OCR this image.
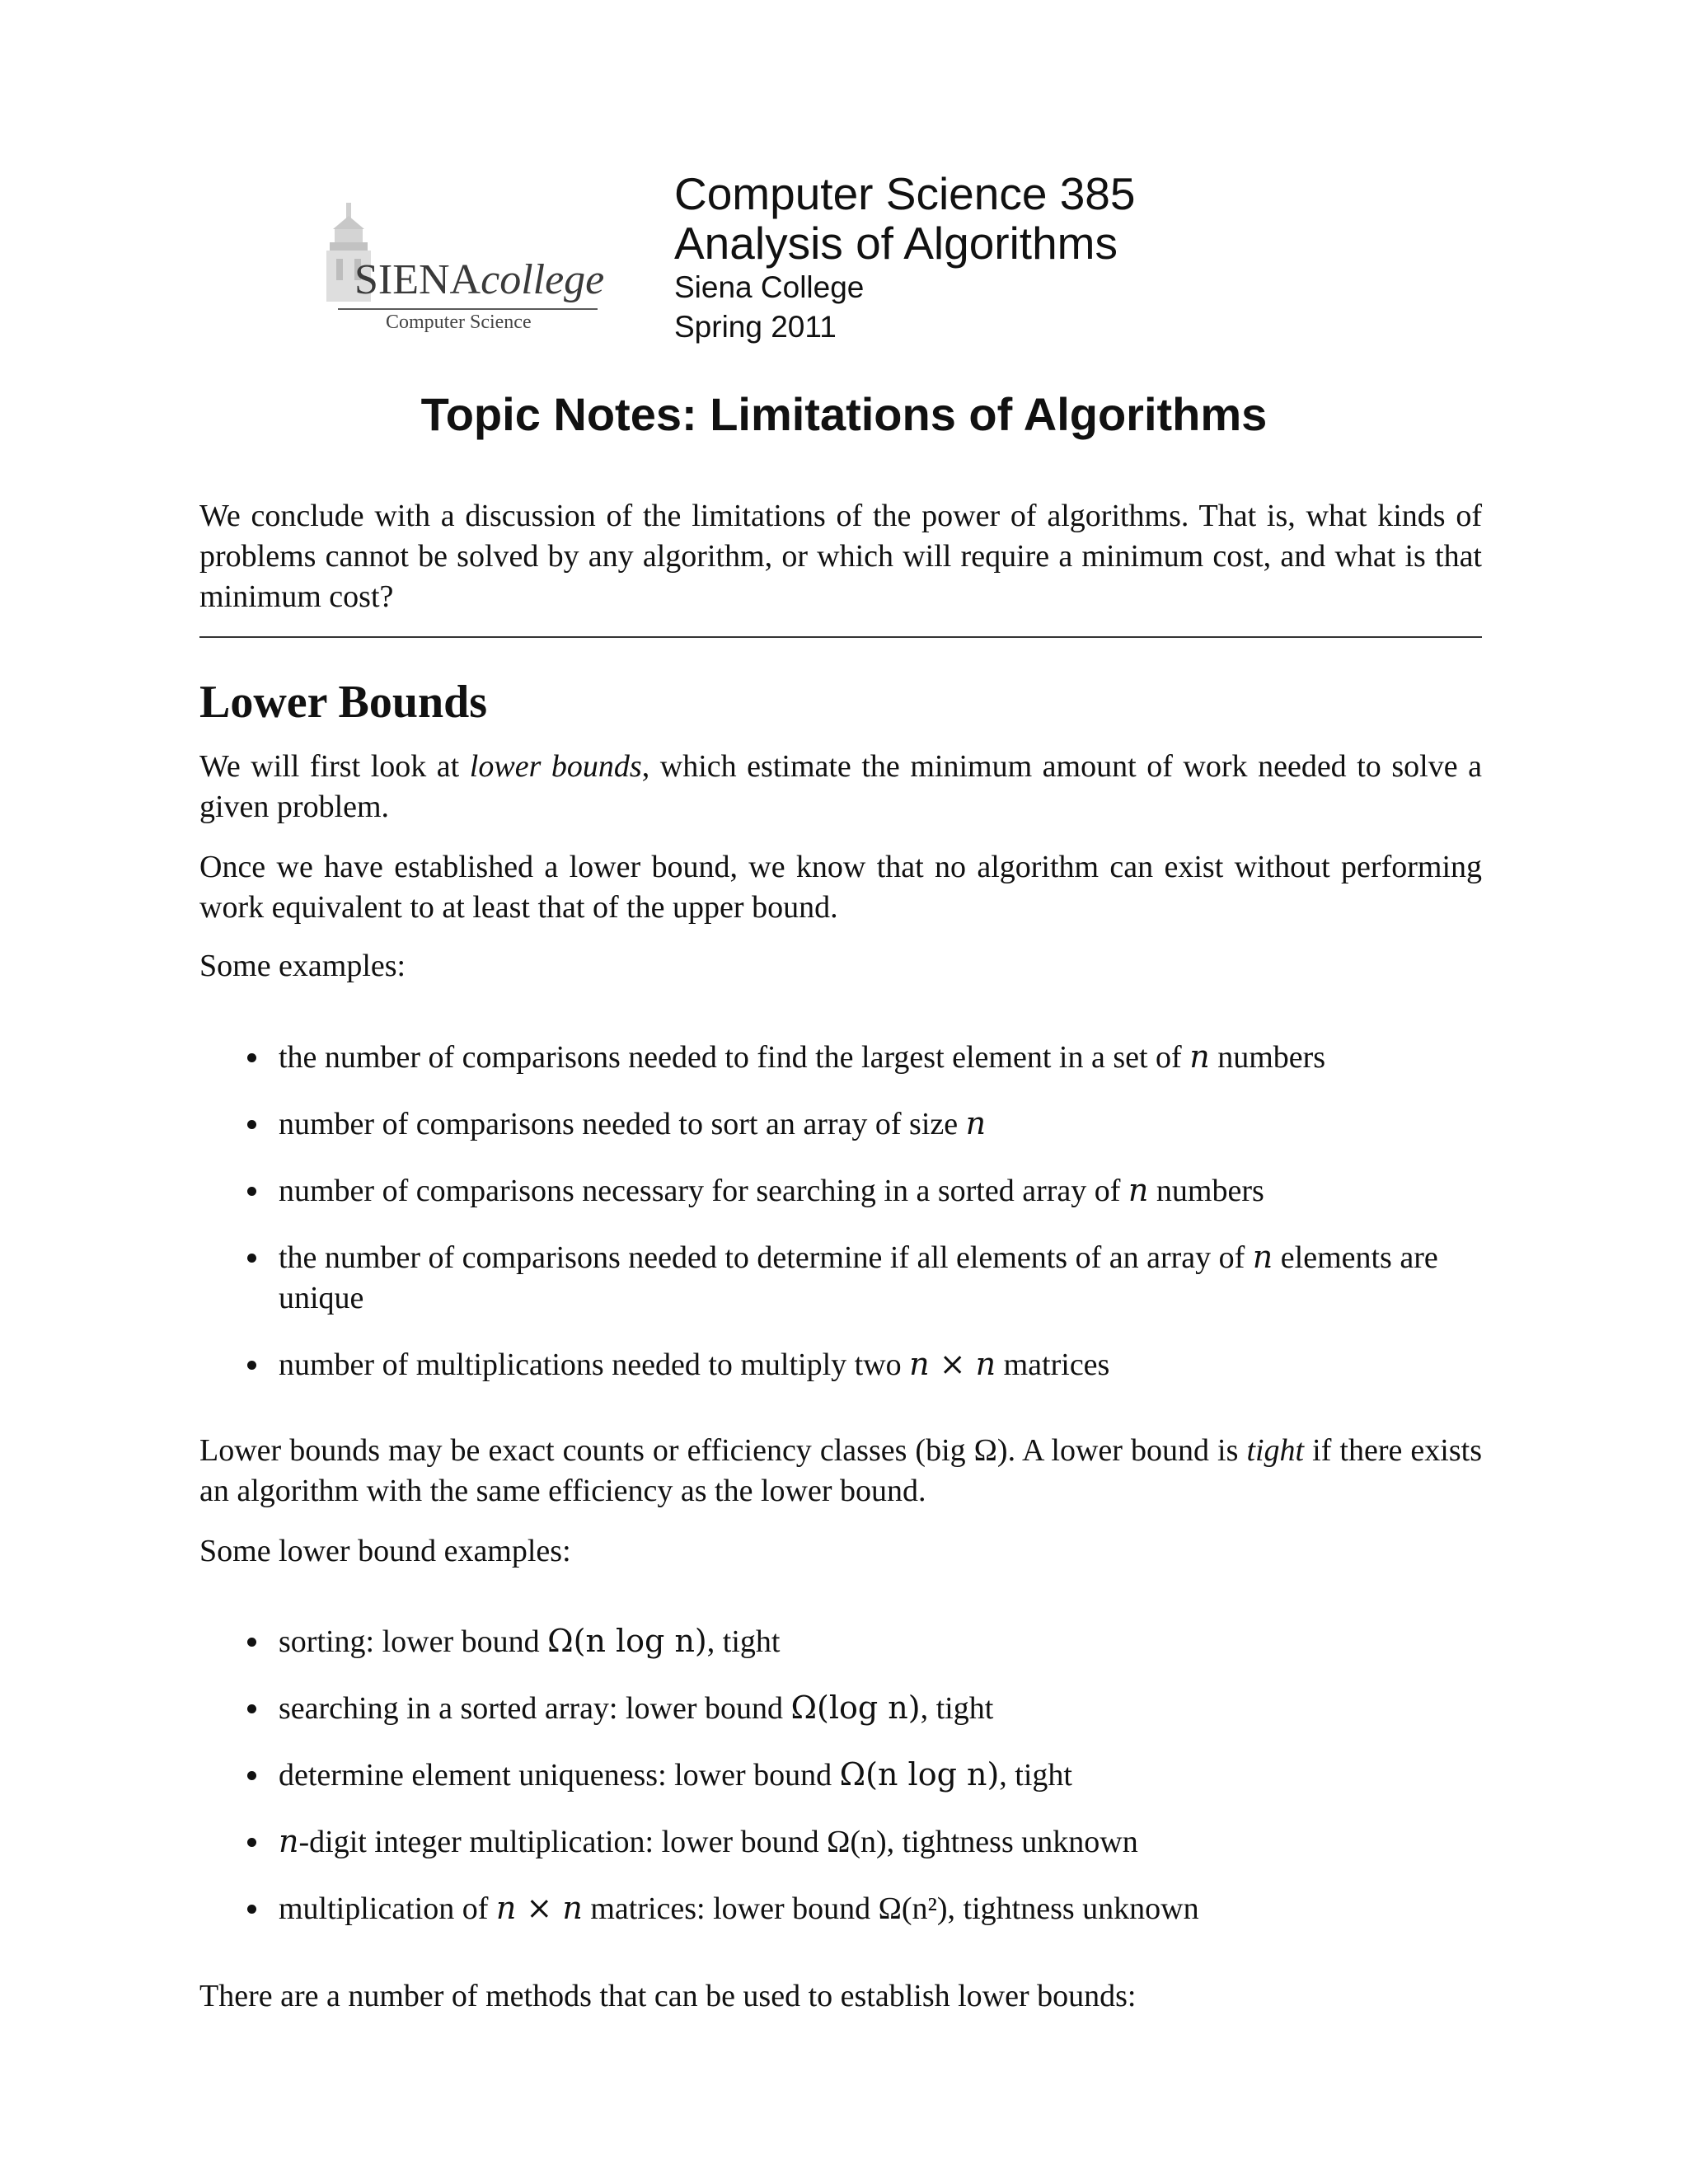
SIENAcollege
Computer Science
Computer Science 385
Analysis of Algorithms
Siena College
Spring 2011
Topic Notes: Limitations of Algorithms
We conclude with a discussion of the limitations of the power of algorithms. That is, what kinds of problems cannot be solved by any algorithm, or which will require a minimum cost, and what is that minimum cost?
Lower Bounds
We will first look at lower bounds, which estimate the minimum amount of work needed to solve a given problem.
Once we have established a lower bound, we know that no algorithm can exist without performing work equivalent to at least that of the upper bound.
Some examples:
the number of comparisons needed to find the largest element in a set of n numbers
number of comparisons needed to sort an array of size n
number of comparisons necessary for searching in a sorted array of n numbers
the number of comparisons needed to determine if all elements of an array of n elements are unique
number of multiplications needed to multiply two n × n matrices
Lower bounds may be exact counts or efficiency classes (big Ω). A lower bound is tight if there exists an algorithm with the same efficiency as the lower bound.
Some lower bound examples:
sorting: lower bound Ω(n log n), tight
searching in a sorted array: lower bound Ω(log n), tight
determine element uniqueness: lower bound Ω(n log n), tight
n-digit integer multiplication: lower bound Ω(n), tightness unknown
multiplication of n × n matrices: lower bound Ω(n²), tightness unknown
There are a number of methods that can be used to establish lower bounds:
